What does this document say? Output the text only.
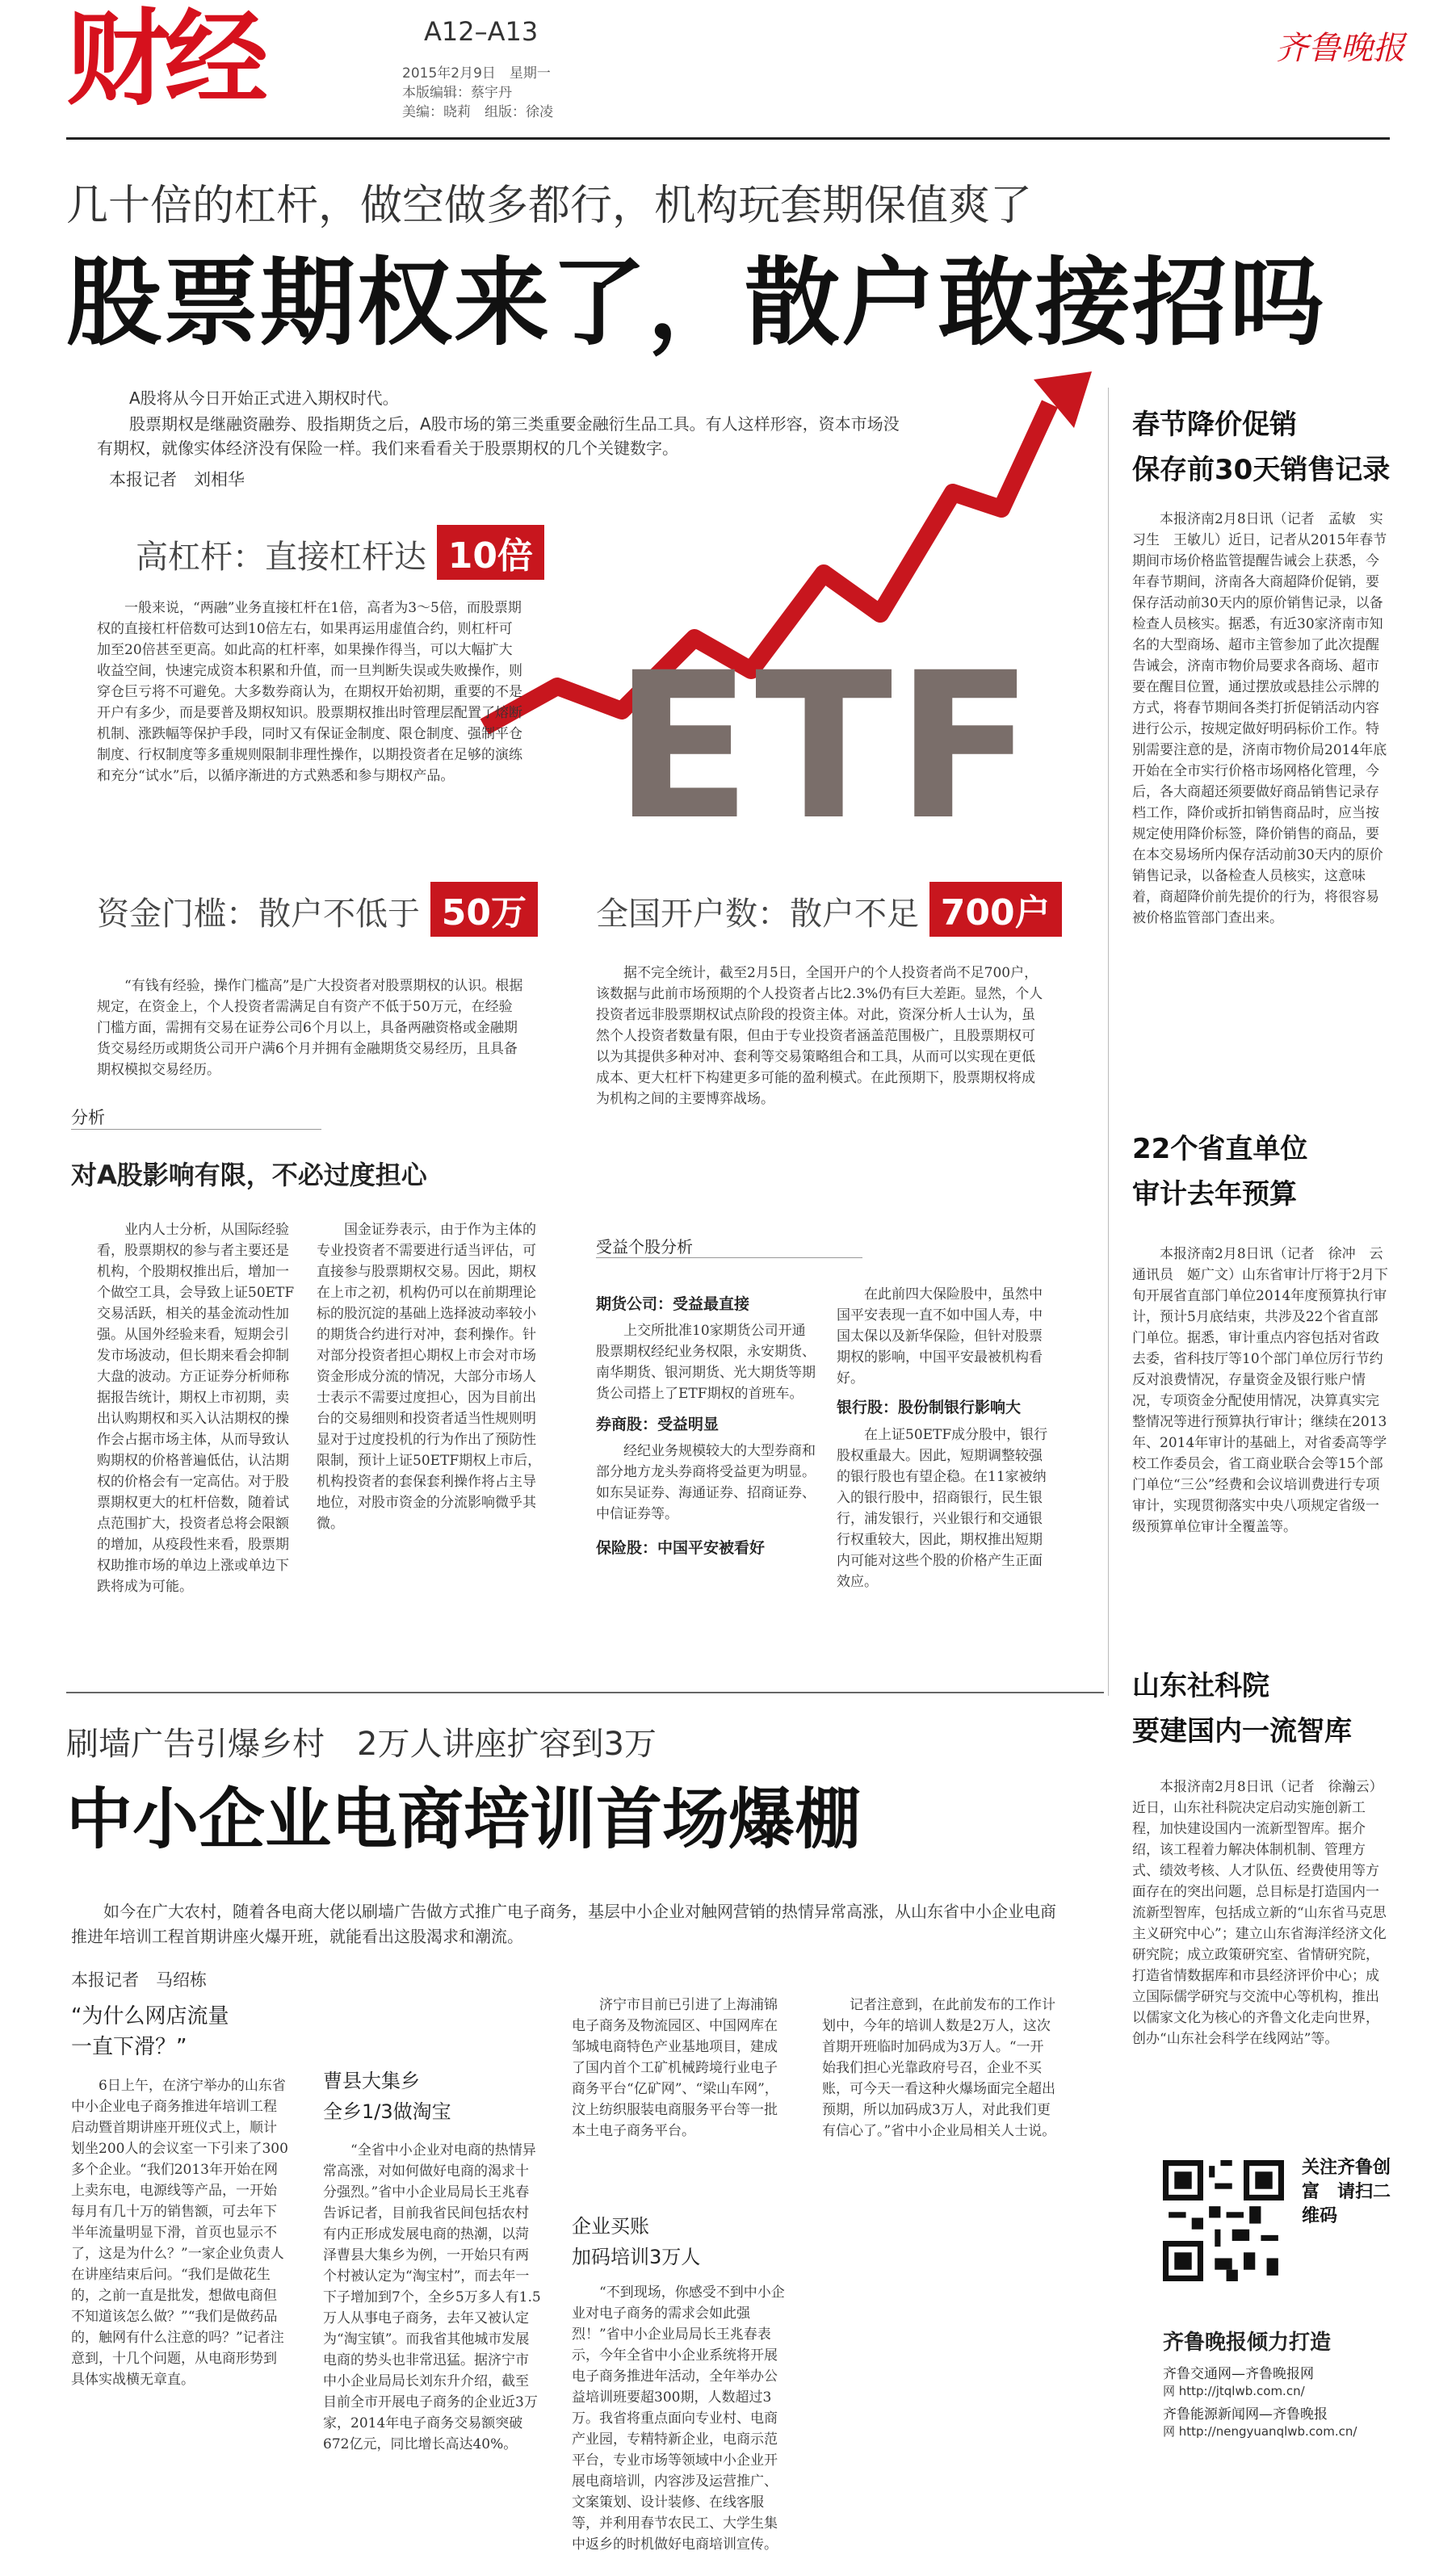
财经	A12–A13
2015年2月9日　星期一
本版编辑：蔡宇丹
美编：晓莉　组版：徐凌
齐鲁晚报
几十倍的杠杆，做空做多都行，机构玩套期保值爽了
股票期权来了，散户敢接招吗

A股将从今日开始正式进入期权时代。

股票期权是继融资融券、股指期货之后，A股市场的第三类重要金融衍生品工具。有人这样形容，资本市场没有期权，就像实体经济没有保险一样。我们来看看关于股票期权的几个关键数字。

本报记者　刘相华
ETF
高杠杆：直接杠杆达 10倍

一般来说，“两融”业务直接杠杆在1倍，高者为3～5倍，而股票期权的直接杠杆倍数可达到10倍左右，如果再运用虚值合约，则杠杆可加至20倍甚至更高。如此高的杠杆率，如果操作得当，可以大幅扩大收益空间，快速完成资本积累和升值，而一旦判断失误或失败操作，则穿仓巨亏将不可避免。大多数券商认为，在期权开始初期，重要的不是开户有多少，而是要普及期权知识。股票期权推出时管理层配置了熔断机制、涨跌幅等保护手段，同时又有保证金制度、限仓制度、强制平仓制度、行权制度等多重规则限制非理性操作，以期投资者在足够的演练和充分“试水”后，以循序渐进的方式熟悉和参与期权产品。

资金门槛：散户不低于 50万

“有钱有经验，操作门槛高”是广大投资者对股票期权的认识。根据规定，在资金上，个人投资者需满足自有资产不低于50万元，在经验门槛方面，需拥有交易在证券公司6个月以上，具备两融资格或金融期货交易经历或期货公司开户满6个月并拥有金融期货交易经历，且具备期权模拟交易经历。

全国开户数：散户不足 700户

据不完全统计，截至2月5日，全国开户的个人投资者尚不足700户，该数据与此前市场预期的个人投资者占比2.3%仍有巨大差距。显然，个人投资者远非股票期权试点阶段的投资主体。对此，资深分析人士认为，虽然个人投资者数量有限，但由于专业投资者涵盖范围极广，且股票期权可以为其提供多种对冲、套利等交易策略组合和工具，从而可以实现在更低成本、更大杠杆下构建更多可能的盈利模式。在此预期下，股票期权将成为机构之间的主要博弈战场。

分析
对A股影响有限，不必过度担心

业内人士分析，从国际经验看，股票期权的参与者主要还是机构，个股期权推出后，增加一个做空工具，会导致上证50ETF交易活跃，相关的基金流动性加强。从国外经验来看，短期会引发市场波动，但长期来看会抑制大盘的波动。方正证券分析师称据报告统计，期权上市初期，卖出认购期权和买入认沽期权的操作会占据市场主体，从而导致认购期权的价格普遍低估，认沽期权的价格会有一定高估。对于股票期权更大的杠杆倍数，随着试点范围扩大，投资者总将会限额的增加，从疫段性来看，股票期权助推市场的单边上涨或单边下跌将成为可能。

国金证券表示，由于作为主体的专业投资者不需要进行适当评估，可直接参与股票期权交易。因此，期权在上市之初，机构仍可以在前期理论标的股沉淀的基础上选择波动率较小的期货合约进行对冲，套利操作。针对部分投资者担心期权上市会对市场资金形成分流的情况，大部分市场人士表示不需要过度担心，因为目前出台的交易细则和投资者适当性规则明显对于过度投机的行为作出了预防性限制，预计上证50ETF期权上市后，机构投资者的套保套利操作将占主导地位，对股市资金的分流影响微乎其微。

受益个股分析
期货公司：受益最直接

上交所批准10家期货公司开通股票期权经纪业务权限，永安期货、南华期货、银河期货、光大期货等期货公司搭上了ETF期权的首班车。

券商股：受益明显

经纪业务规模较大的大型券商和部分地方龙头券商将受益更为明显。如东吴证券、海通证券、招商证券、中信证券等。

保险股：中国平安被看好

在此前四大保险股中，虽然中国平安表现一直不如中国人寿，中国太保以及新华保险，但针对股票期权的影响，中国平安最被机构看好。

银行股：股份制银行影响大

在上证50ETF成分股中，银行股权重最大。因此，短期调整较强的银行股也有望企稳。在11家被纳入的银行股中，招商银行，民生银行，浦发银行，兴业银行和交通银行权重较大，因此，期权推出短期内可能对这些个股的价格产生正面效应。

刷墙广告引爆乡村　2万人讲座扩容到3万
中小企业电商培训首场爆棚

如今在广大农村，随着各电商大佬以刷墙广告做方式推广电子商务，基层中小企业对触网营销的热情异常高涨，从山东省中小企业电商推进年培训工程首期讲座火爆开班，就能看出这股渴求和潮流。

本报记者　马绍栋
“为什么网店流量
一直下滑？”

6日上午，在济宁举办的山东省中小企业电子商务推进年培训工程启动暨首期讲座开班仪式上，顺计划坐200人的会议室一下引来了300多个企业。“我们2013年开始在网上卖东电，电源线等产品，一开始每月有几十万的销售额，可去年下半年流量明显下滑，首页也显示不了，这是为什么？”一家企业负责人在讲座结束后问。“我们是做花生的，之前一直是批发，想做电商但不知道该怎么做？”“我们是做药品的，触网有什么注意的吗？”记者注意到，十几个问题，从电商形势到具体实战横无章直。

曹县大集乡
全乡1/3做淘宝

“全省中小企业对电商的热情异常高涨，对如何做好电商的渴求十分强烈。”省中小企业局局长王兆春告诉记者，目前我省民间包括农村有内正形成发展电商的热潮，以菏泽曹县大集乡为例，一开始只有两个村被认定为“淘宝村”，而去年一下子增加到7个，全乡5万多人有1.5万人从事电子商务，去年又被认定为“淘宝镇”。而我省其他城市发展电商的势头也非常迅猛。据济宁市中小企业局局长刘东升介绍，截至目前全市开展电子商务的企业近3万家，2014年电子商务交易额突破672亿元，同比增长高达40%。

济宁市目前已引进了上海浦锦电子商务及物流园区、中国网库在邹城电商特色产业基地项目，建成了国内首个工矿机械跨境行业电子商务平台“亿矿网”、“梁山车网”，汶上纺织服装电商服务平台等一批本土电子商务平台。

企业买账
加码培训3万人

“不到现场，你感受不到中小企业对电子商务的需求会如此强烈！”省中小企业局局长王兆春表示，今年全省中小企业系统将开展电子商务推进年活动，全年举办公益培训班要超300期，人数超过3万。我省将重点面向专业村、电商产业园，专精特新企业，电商示范平台，专业市场等领域中小企业开展电商培训，内容涉及运营推广、文案策划、设计装修、在线客服等，并利用春节农民工、大学生集中返乡的时机做好电商培训宣传。

记者注意到，在此前发布的工作计划中，今年的培训人数是2万人，这次首期开班临时加码成为3万人。“一开始我们担心光靠政府号召，企业不买账，可今天一看这种火爆场面完全超出预期，所以加码成3万人，对此我们更有信心了。”省中小企业局相关人士说。

春节降价促销
保存前30天销售记录

本报济南2月8日讯（记者　孟敏　实习生　王敏儿）近日，记者从2015年春节期间市场价格监管提醒告诫会上获悉，今年春节期间，济南各大商超降价促销，要保存活动前30天内的原价销售记录，以备检查人员核实。据悉，有近30家济南市知名的大型商场、超市主管参加了此次提醒告诫会，济南市物价局要求各商场、超市要在醒目位置，通过摆放或悬挂公示牌的方式，将春节期间各类打折促销活动内容进行公示，按规定做好明码标价工作。特别需要注意的是，济南市物价局2014年底开始在全市实行价格市场网格化管理，今后，各大商超还须要做好商品销售记录存档工作，降价或折扣销售商品时，应当按规定使用降价标签，降价销售的商品，要在本交易场所内保存活动前30天内的原价销售记录，以备检查人员核实，这意味着，商超降价前先提价的行为，将很容易被价格监管部门查出来。

22个省直单位
审计去年预算

本报济南2月8日讯（记者　徐冲　云　通讯员　姬广文）山东省审计厅将于2月下旬开展省直部门单位2014年度预算执行审计，预计5月底结束，共涉及22个省直部门单位。据悉，审计重点内容包括对省政去委，省科技厅等10个部门单位厉行节约反对浪费情况，存量资金及银行账户情况，专项资金分配使用情况，决算真实完整情况等进行预算执行审计；继续在2013年、2014年审计的基础上，对省委高等学校工作委员会，省工商业联合会等15个部门单位“三公”经费和会议培训费进行专项审计，实现贯彻落实中央八项规定省级一级预算单位审计全覆盖等。

山东社科院
要建国内一流智库

本报济南2月8日讯（记者　徐瀚云）近日，山东社科院决定启动实施创新工程，加快建设国内一流新型智库。据介绍，该工程着力解决体制机制、管理方式、绩效考核、人才队伍、经费使用等方面存在的突出问题，总目标是打造国内一流新型智库，包括成立新的“山东省马克思主义研究中心”；建立山东省海洋经济文化研究院；成立政策研究室、省情研究院，打造省情数据库和市县经济评价中心；成立国际儒学研究与交流中心等机构，推出以儒家文化为核心的齐鲁文化走向世界，创办“山东社会科学在线网站”等。

关注齐鲁创富　请扫二维码
齐鲁晚报倾力打造
齐鲁交通网—齐鲁晚报网
网 http://jtqlwb.com.cn/
齐鲁能源新闻网—齐鲁晚报
网 http://nengyuanqlwb.com.cn/
